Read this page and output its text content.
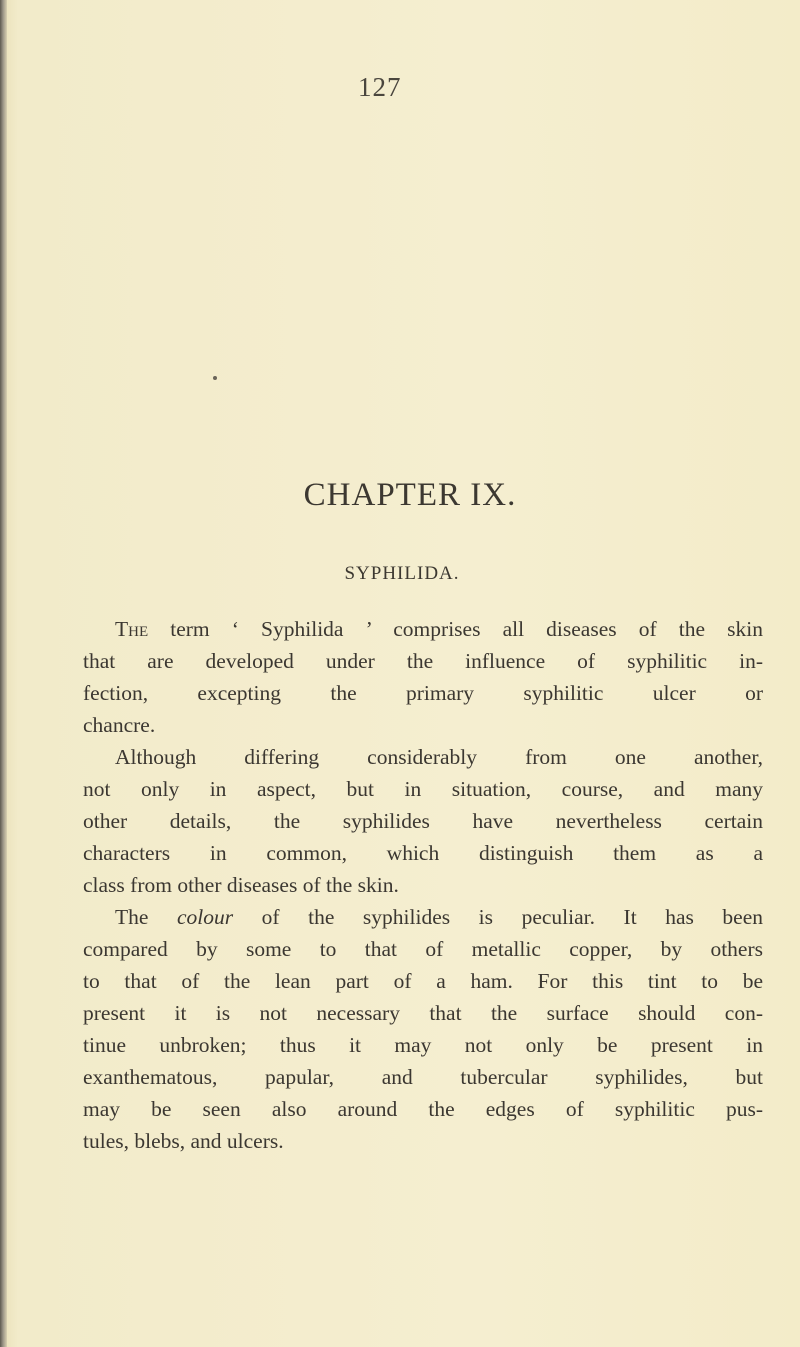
127
CHAPTER IX.
SYPHILIDA.
The term ‘ Syphilida ’ comprises all diseases of the skin
that are developed under the influence of syphilitic in-
fection, excepting the primary syphilitic ulcer or
chancre.
Although differing considerably from one another,
not only in aspect, but in situation, course, and many
other details, the syphilides have nevertheless certain
characters in common, which distinguish them as a
class from other diseases of the skin.
The colour of the syphilides is peculiar. It has been
compared by some to that of metallic copper, by others
to that of the lean part of a ham. For this tint to be
present it is not necessary that the surface should con-
tinue unbroken; thus it may not only be present in
exanthematous, papular, and tubercular syphilides, but
may be seen also around the edges of syphilitic pus-
tules, blebs, and ulcers.
